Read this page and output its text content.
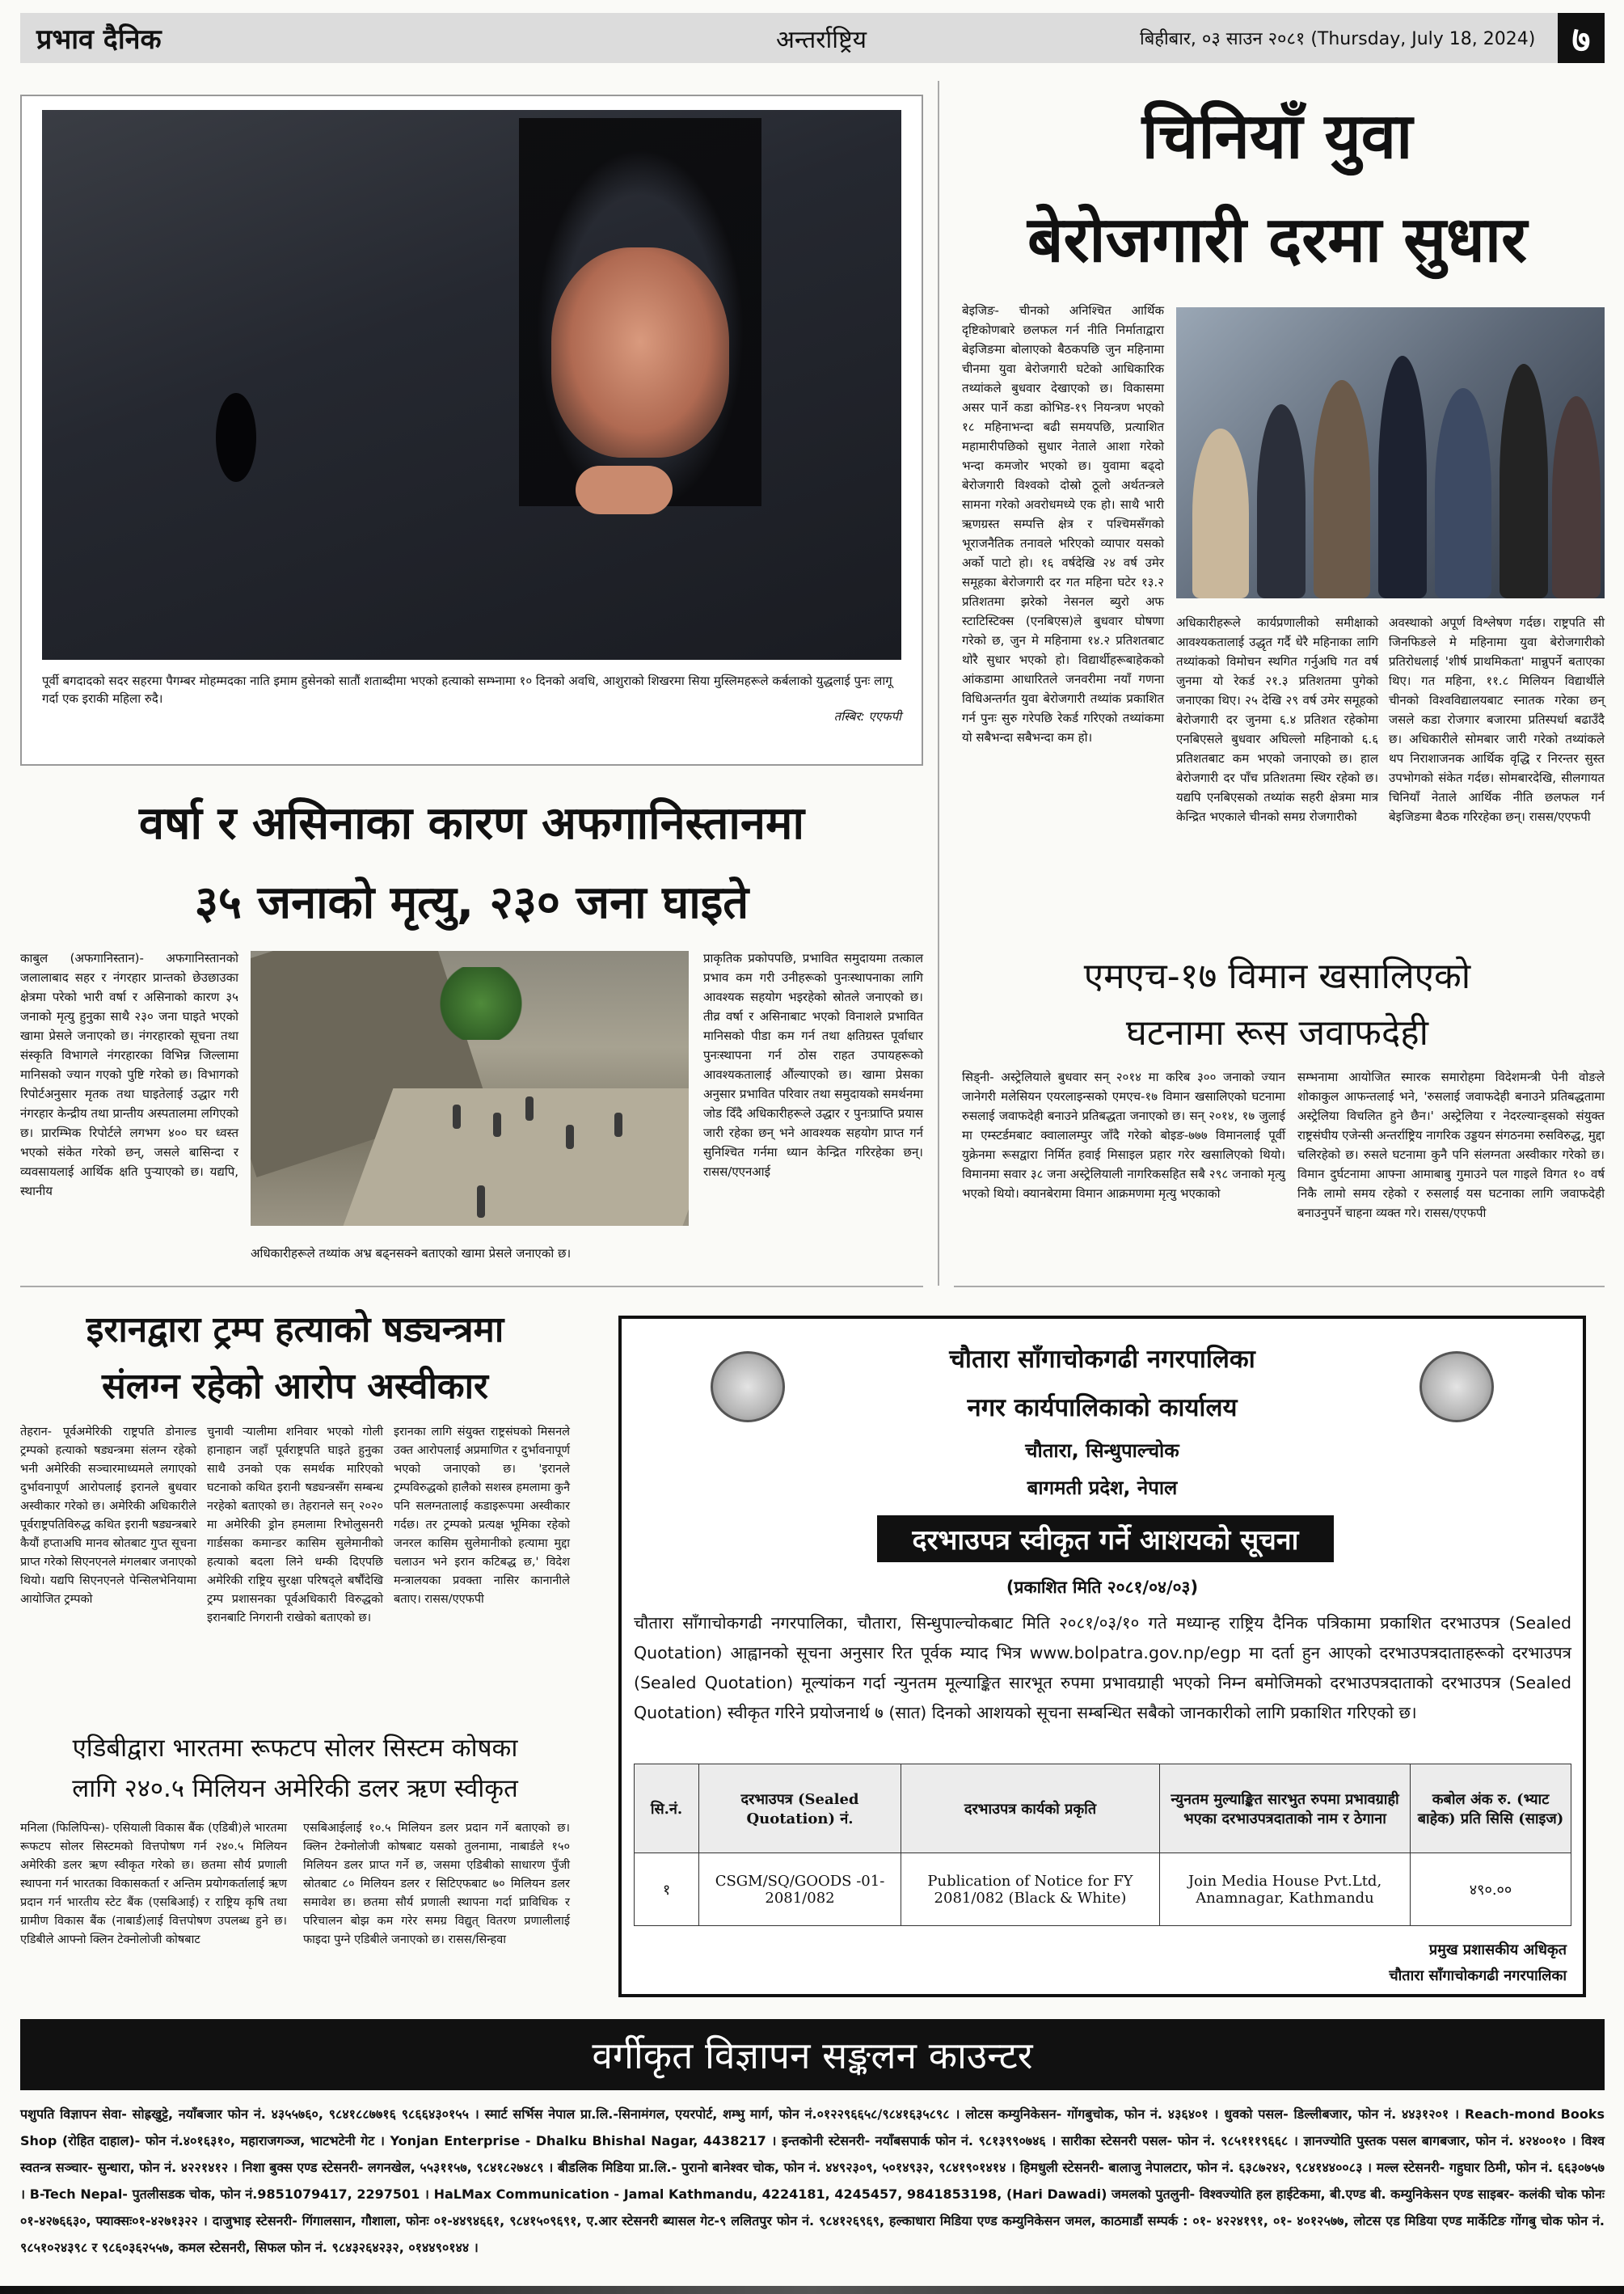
प्रभाव दैनिक	अन्तर्राष्ट्रिय	बिहीबार, ०३ साउन २०८१ (Thursday, July 18, 2024)	७
पूर्वी बगदादको सदर सहरमा पैगम्बर मोहम्मदका नाति इमाम हुसेनको सातौं शताब्दीमा भएको हत्याको सम्भ्नामा १० दिनको अवधि, आशुराको शिखरमा सिया मुस्लिमहरूले कर्बलाको युद्धलाई पुनः लागू गर्दा एक इराकी महिला रुदै।
तस्बिर: एएफपी
वर्षा र असिनाका कारण अफगानिस्तानमा
३५ जनाको मृत्यु, २३० जना घाइते
काबुल (अफगानिस्तान)- अफगानिस्तानको जलालाबाद सहर र नंगरहार प्रान्तको छेउछाउका क्षेत्रमा परेको भारी वर्षा र असिनाको कारण ३५ जनाको मृत्यु हुनुका साथै २३० जना घाइते भएको खामा प्रेसले जनाएको छ। नंगरहारको सूचना तथा संस्कृति विभागले नंगरहारका विभिन्न जिल्लामा मानिसको ज्यान गएको पुष्टि गरेको छ। विभागको रिपोर्टअनुसार मृतक तथा घाइतेलाई उद्धार गरी नंगरहार केन्द्रीय तथा प्रान्तीय अस्पतालमा लगिएको छ। प्रारम्भिक रिपोर्टले लगभग ४०० घर ध्वस्त भएको संकेत गरेको छन्, जसले बासिन्दा र व्यवसायलाई आर्थिक क्षति पुऱ्याएको छ। यद्यपि, स्थानीय
अधिकारीहरूले तथ्यांक अभ्र बढ्नसक्ने बताएको खामा प्रेसले जनाएको छ।
प्राकृतिक प्रकोपपछि, प्रभावित समुदायमा तत्काल प्रभाव कम गरी उनीहरूको पुनःस्थापनाका लागि आवश्यक सहयोग भइरहेको स्रोतले जनाएको छ। तीव्र वर्षा र असिनाबाट भएको विनाशले प्रभावित मानिसको पीडा कम गर्न तथा क्षतिग्रस्त पूर्वाधार पुनःस्थापना गर्न ठोस राहत उपायहरूको आवश्यकतालाई औंल्याएको छ। खामा प्रेसका अनुसार प्रभावित परिवार तथा समुदायको समर्थनमा जोड दिँदै अधिकारीहरूले उद्धार र पुनःप्राप्ति प्रयास जारी रहेका छन् भने आवश्यक सहयोग प्राप्त गर्न सुनिश्चित गर्नमा ध्यान केन्द्रित गरिरहेका छन्। रासस/एएनआई
चिनियाँ युवा
बेरोजगारी दरमा सुधार
बेइजिङ- चीनको अनिश्चित आर्थिक दृष्टिकोणबारे छलफल गर्न नीति निर्माताद्वारा बेइजिङमा बोलाएको बैठकपछि जुन महिनामा चीनमा युवा बेरोजगारी घटेको आधिकारिक तथ्यांकले बुधवार देखाएको छ। विकासमा असर पार्ने कडा कोभिड-१९ नियन्त्रण भएको १८ महिनाभन्दा बढी समयपछि, प्रत्याशित महामारीपछिको सुधार नेताले आशा गरेको भन्दा कमजोर भएको छ। युवामा बढ्दो बेरोजगारी विश्वको दोस्रो ठूलो अर्थतन्त्रले सामना गरेको अवरोधमध्ये एक हो। साथै भारी ऋणग्रस्त सम्पत्ति क्षेत्र र पश्चिमसँगको भूराजनैतिक तनावले भरिएको व्यापार यसको अर्को पाटो हो। १६ वर्षदेखि २४ वर्ष उमेर समूहका बेरोजगारी दर गत महिना घटेर १३.२ प्रतिशतमा झरेको नेसनल ब्युरो अफ स्टाटिस्टिक्स (एनबिएस)ले बुधवार घोषणा गरेको छ, जुन मे महिनामा १४.२ प्रतिशतबाट थोरै सुधार भएको हो। विद्यार्थीहरूबाहेकको आंकडामा आधारितले जनवरीमा नयाँ गणना विधिअन्तर्गत युवा बेरोजगारी तथ्यांक प्रकाशित गर्न पुनः सुरु गरेपछि रेकर्ड गरिएको तथ्यांकमा यो सबैभन्दा सबैभन्दा कम हो।
अधिकारीहरूले कार्यप्रणालीको समीक्षाको आवश्यकतालाई उद्धृत गर्दै धेरै महिनाका लागि तथ्यांकको विमोचन स्थगित गर्नुअघि गत वर्ष जुनमा यो रेकर्ड २१.३ प्रतिशतमा पुगेको जनाएका थिए। २५ देखि २९ वर्ष उमेर समूहको बेरोजगारी दर जुनमा ६.४ प्रतिशत रहेकोमा एनबिएसले बुधवार अघिल्लो महिनाको ६.६ प्रतिशतबाट कम भएको जनाएको छ। हाल बेरोजगारी दर पाँच प्रतिशतमा स्थिर रहेको छ। यद्यपि एनबिएसको तथ्यांक सहरी क्षेत्रमा मात्र केन्द्रित भएकाले चीनको समग्र रोजगारीको
अवस्थाको अपूर्ण विश्लेषण गर्दछ। राष्ट्रपति सी जिनफिङले मे महिनामा युवा बेरोजगारीको प्रतिरोधलाई 'शीर्ष प्राथमिकता' मान्नुपर्ने बताएका थिए। गत महिना, ११.८ मिलियन विद्यार्थीले चीनको विश्वविद्यालयबाट स्नातक गरेका छन् जसले कडा रोजगार बजारमा प्रतिस्पर्धा बढाउँदै छ। अधिकारीले सोमबार जारी गरेको तथ्यांकले थप निराशाजनक आर्थिक वृद्धि र निरन्तर सुस्त उपभोगको संकेत गर्दछ। सोमबारदेखि, सीलगायत चिनियाँ नेताले आर्थिक नीति छलफल गर्न बेइजिङमा बैठक गरिरहेका छन्। रासस/एएफपी
एमएच-१७ विमान खसालिएको
घटनामा रूस जवाफदेही
सिड्नी- अस्ट्रेलियाले बुधवार सन् २०१४ मा करिब ३०० जनाको ज्यान जानेगरी मलेसियन एयरलाइन्सको एमएच-१७ विमान खसालिएको घटनामा रुसलाई जवाफदेही बनाउने प्रतिबद्धता जनाएको छ। सन् २०१४, १७ जुलाई मा एम्स्टर्डमबाट क्वालालम्पुर जाँदै गरेको बोइङ-७७७ विमानलाई पूर्वी युक्रेनमा रूसद्वारा निर्मित हवाई मिसाइल प्रहार गरेर खसालिएको थियो। विमानमा सवार ३८ जना अस्ट्रेलियाली नागरिकसहित सबै २९८ जनाको मृत्यु भएको थियो। क्यानबेरामा विमान आक्रमणमा मृत्यु भएकाको
सम्भनामा आयोजित स्मारक समारोहमा विदेशमन्त्री पेनी वोङले शोकाकुल आफन्तलाई भने, 'रुसलाई जवाफदेही बनाउने प्रतिबद्धतामा अस्ट्रेलिया विचलित हुने छैन।' अस्ट्रेलिया र नेदरल्यान्ड्सको संयुक्त राष्ट्रसंघीय एजेन्सी अन्तर्राष्ट्रिय नागरिक उड्डयन संगठनमा रुसविरुद्ध, मुद्दा चलिरहेको छ। रुसले घटनामा कुनै पनि संलग्नता अस्वीकार गरेको छ। विमान दुर्घटनामा आफ्ना आमाबाबु गुमाउने पल गाइले विगत १० वर्ष निकै लामो समय रहेको र रुसलाई यस घटनाका लागि जवाफदेही बनाउनुपर्ने चाहना व्यक्त गरे। रासस/एएफपी
इरानद्वारा ट्रम्प हत्याको षड्यन्त्रमा
संलग्न रहेको आरोप अस्वीकार
तेहरान- पूर्वअमेरिकी राष्ट्रपति डोनाल्ड ट्रम्पको हत्याको षड्यन्त्रमा संलग्न रहेको भनी अमेरिकी सञ्चारमाध्यमले लगाएको दुर्भावनापूर्ण आरोपलाई इरानले बुधवार अस्वीकार गरेको छ। अमेरिकी अधिकारीले पूर्वराष्ट्रपतिविरुद्ध कथित इरानी षड्यन्त्रबारे कैयौं हप्ताअघि मानव स्रोतबाट गुप्त सूचना प्राप्त गरेको सिएनएनले मंगलबार जनाएको थियो। यद्यपि सिएनएनले पेन्सिलभेनियामा आयोजित ट्रम्पको
चुनावी र्‍यालीमा शनिवार भएको गोली हानाहान जहाँ पूर्वराष्ट्रपति घाइते हुनुका साथै उनको एक समर्थक मारिएको घटनाको कथित इरानी षड्यन्त्रसँग सम्बन्ध नरहेको बताएको छ। तेहरानले सन् २०२० मा अमेरिकी ड्रोन हमलामा रिभोलुसनरी गार्डसका कमान्डर कासिम सुलेमानीको हत्याको बदला लिने धम्की दिएपछि अमेरिकी राष्ट्रिय सुरक्षा परिषद्ले बर्षौंदेखि ट्रम्प प्रशासनका पूर्वअधिकारी विरुद्धको इरानबाटि निगरानी राखेको बताएको छ।
इरानका लागि संयुक्त राष्ट्रसंघको मिसनले उक्त आरोपलाई अप्रमाणित र दुर्भावनापूर्ण भएको जनाएको छ। 'इरानले ट्रम्पविरुद्धको हालैको सशस्त्र हमलामा कुनै पनि सलग्नतालाई कडाइरूपमा अस्वीकार गर्दछ। तर ट्रम्पको प्रत्यक्ष भूमिका रहेको जनरल कासिम सुलेमानीको हत्यामा मुद्दा चलाउन भने इरान कटिबद्ध छ,' विदेश मन्त्रालयका प्रवक्ता नासिर कानानीले बताए। रासस/एएफपी
एडिबीद्वारा भारतमा रूफटप सोलर सिस्टम कोषका
लागि २४०.५ मिलियन अमेरिकी डलर ऋण स्वीकृत
मनिला (फिलिपिन्स)- एसियाली विकास बैंक (एडिबी)ले भारतमा रूफटप सोलर सिस्टमको वित्तपोषण गर्न २४०.५ मिलियन अमेरिकी डलर ऋण स्वीकृत गरेको छ। छतमा सौर्य प्रणाली स्थापना गर्न भारतका विकासकर्ता र अन्तिम प्रयोगकर्तालाई ऋण प्रदान गर्न भारतीय स्टेट बैंक (एसबिआई) र राष्ट्रिय कृषि तथा ग्रामीण विकास बैंक (नाबार्ड)लाई वित्तपोषण उपलब्ध हुने छ। एडिबीले आफ्नो क्लिन टेक्नोलोजी कोषबाट
एसबिआईलाई १०.५ मिलियन डलर प्रदान गर्ने बताएको छ। क्लिन टेक्नोलोजी कोषबाट यसको तुलनामा, नाबार्डले १५० मिलियन डलर प्राप्त गर्ने छ, जसमा एडिबीको साधारण पुँजी स्रोतबाट ८० मिलियन डलर र सिटिएफबाट ७० मिलियन डलर समावेश छ। छतमा सौर्य प्रणाली स्थापना गर्दा प्राविधिक र परिचालन बोझ कम गरेर समग्र विद्युत् वितरण प्रणालीलाई फाइदा पुग्ने एडिबीले जनाएको छ। रासस/सिन्हवा
चौतारा साँगाचोकगढी नगरपालिका
नगर कार्यपालिकाको कार्यालय
चौतारा, सिन्धुपाल्चोक
बागमती प्रदेश, नेपाल
दरभाउपत्र स्वीकृत गर्ने आशयको सूचना
(प्रकाशित मिति २०८१/०४/०३)
चौतारा साँगाचोकगढी नगरपालिका, चौतारा, सिन्धुपाल्चोकबाट मिति २०८१/०३/१० गते मध्यान्ह राष्ट्रिय दैनिक पत्रिकामा प्रकाशित दरभाउपत्र (Sealed Quotation) आह्वानको सूचना अनुसार रित पूर्वक म्याद भित्र www.bolpatra.gov.np/egp मा दर्ता हुन आएको दरभाउपत्रदाताहरूको दरभाउपत्र (Sealed Quotation) मूल्यांकन गर्दा न्युनतम मूल्याङ्कित सारभूत रुपमा प्रभावग्राही भएको निम्न बमोजिमको दरभाउपत्रदाताको दरभाउपत्र (Sealed Quotation) स्वीकृत गरिने प्रयोजनार्थ ७ (सात) दिनको आशयको सूचना सम्बन्धित सबैको जानकारीको लागि प्रकाशित गरिएको छ।
सि.नं.	दरभाउपत्र (Sealed Quotation) नं.	दरभाउपत्र कार्यको प्रकृति	न्युनतम मुल्याङ्कित सारभुत रुपमा प्रभावग्राही भएका दरभाउपत्रदाताको नाम र ठेगाना	कबोल अंक रु. (भ्याट बाहेक) प्रति सिसि (साइज)
१	CSGM/SQ/GOODS -01-2081/082	Publication of Notice for FY 2081/082 (Black & White)	Join Media House Pvt.Ltd, Anamnagar, Kathmandu	४९०.००
प्रमुख प्रशासकीय अधिकृत
चौतारा साँगाचोकगढी नगरपालिका
वर्गीकृत विज्ञापन सङ्कलन काउन्टर
पशुपति विज्ञापन सेवा- सोह्रखुट्टे, नयाँबजार फोन नं. ४३५५७६०, ९८४१८८७७१६ ९८६६४३०१५५ । स्मार्ट सर्भिस नेपाल प्रा.लि.-सिनामंगल, एयरपोर्ट, शम्भु मार्ग, फोन नं.०१२२९६६५८/९८४१६३५८९८ । लोटस कम्युनिकेसन- गोंगबुचोक, फोन नं. ४३६४०१ । धुवको पसल- डिल्लीबजार, फोन नं. ४४३१२०१ । Reach-mond Books Shop (रोहित दाहाल)- फोन नं.४०१६३१०, महाराजगञ्ज, भाटभटेनी गेट । Yonjan Enterprise - Dhalku Bhishal Nagar, 4438217 । इन्तकोनी स्टेसनरी- नयाँबसपार्क फोन नं. ९८१३९९०७४६ । सारीका स्टेसनरी पसल- फोन नं. ९८५१११९६६८ । ज्ञानज्योति पुस्तक पसल बागबजार, फोन नं. ४२४००१० । विश्व स्वतन्त्र सञ्चार- सुन्धारा, फोन नं. ४२२१४१२ । निशा बुक्स एण्ड स्टेसनरी- लगनखेल, ५५३११५७, ९८४१८२७४८९ । बीडलिक मिडिया प्रा.लि.- पुरानो बानेश्वर चोक, फोन नं. ४४९२३०९, ५०१४९३२, ९८४१९०१४१४ । हिमधुली स्टेसनरी- बालाजु नेपालटार, फोन नं. ६३८७२४२, ९८४१४४००८३ । मल्ल स्टेसनरी- गहुघार ठिमी, फोन नं. ६६३०७५७ । B-Tech Nepal- पुतलीसडक चोक, फोन नं.9851079417, 2297501 । HaLMax Communication - Jamal Kathmandu, 4224181, 4245457, 9841853198, (Hari Dawadi) जमलको पुतलुनी- विश्वज्योति हल हाईटेकमा, बी.एण्ड बी. कम्युनिकेसन एण्ड साइबर- कलंकी चोक फोनः ०१-४२७६६३०, फ्याक्सः०१-४२७१३२२ । दाजुभाइ स्टेसनरी- गिंगालसान, गौशाला, फोनः ०१-४४९४६६१, ९८४१५०९६९१, ए.आर स्टेसनरी ब्यासल गेट-९ ललितपुर फोन नं. ९८४१२६९६९, हल्काधारा मिडिया एण्ड कम्युनिकेसन जमल, काठमाडौं सम्पर्क : ०१- ४२२४१९१, ०१- ४०१२५७७, लोटस एड मिडिया एण्ड मार्केटिङ गोंगबु चोक फोन नं. ९८५१०२४३९८ र ९८६०३६२५५७, कमल स्टेसनरी, सिफल फोन नं. ९८४३२६४२३२, ०१४४९०१४४ ।
